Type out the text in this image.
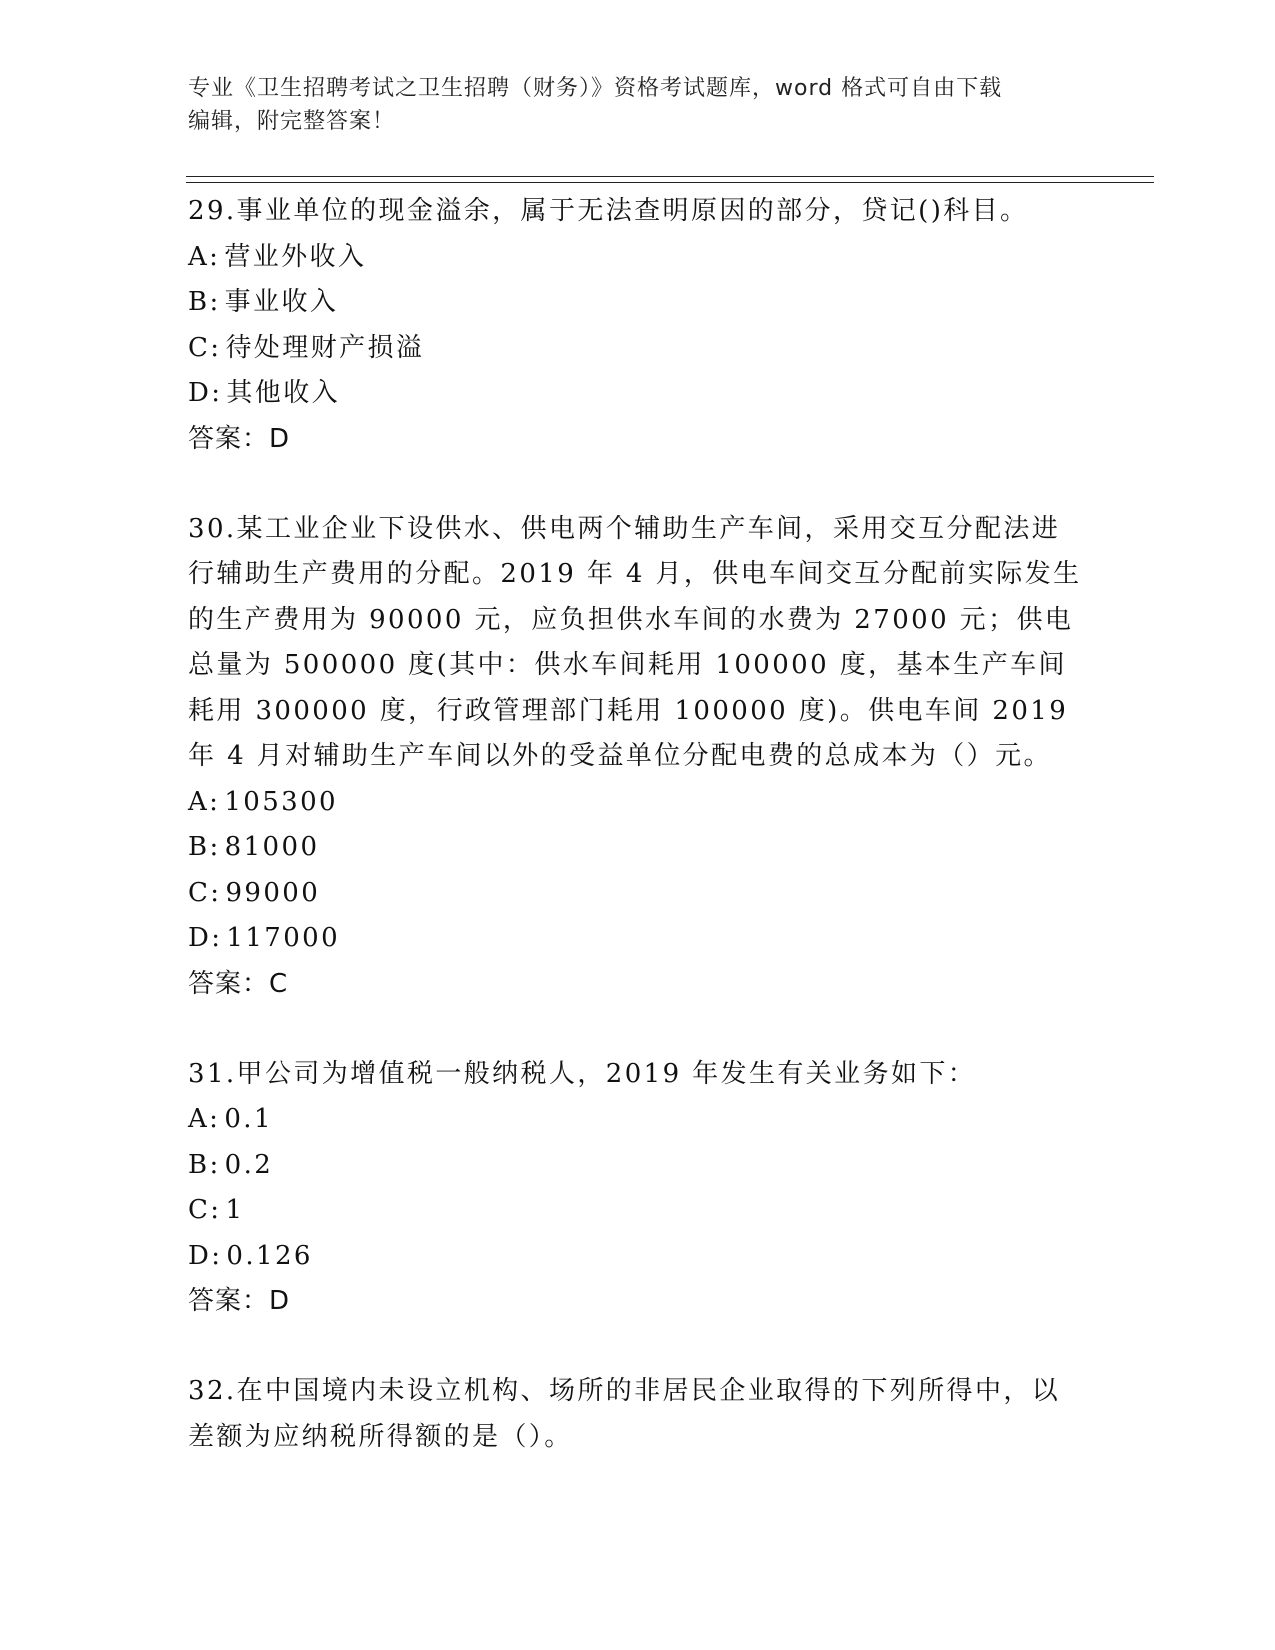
专业《卫生招聘考试之卫生招聘（财务）》资格考试题库，word 格式可自由下载
编辑，附完整答案！

29.事业单位的现金溢余，属于无法查明原因的部分，贷记()科目。

A: 营业外收入
B: 事业收入
C: 待处理财产损溢
D: 其他收入

答案：D

30.某工业企业下设供水、供电两个辅助生产车间，采用交互分配法进行辅助生产费用的分配。2019 年 4 月，供电车间交互分配前实际发生的生产费用为 90000 元，应负担供水车间的水费为 27000 元；供电总量为 500000 度(其中：供水车间耗用 100000 度，基本生产车间耗用 300000 度，行政管理部门耗用 100000 度)。供电车间 2019 年 4 月对辅助生产车间以外的受益单位分配电费的总成本为（）元。

A: 105300
B: 81000
C: 99000
D: 117000

答案：C

31.甲公司为增值税一般纳税人，2019 年发生有关业务如下：

A: 0.1
B: 0.2
C: 1
D: 0.126

答案：D

32.在中国境内未设立机构、场所的非居民企业取得的下列所得中，以差额为应纳税所得额的是（）。
